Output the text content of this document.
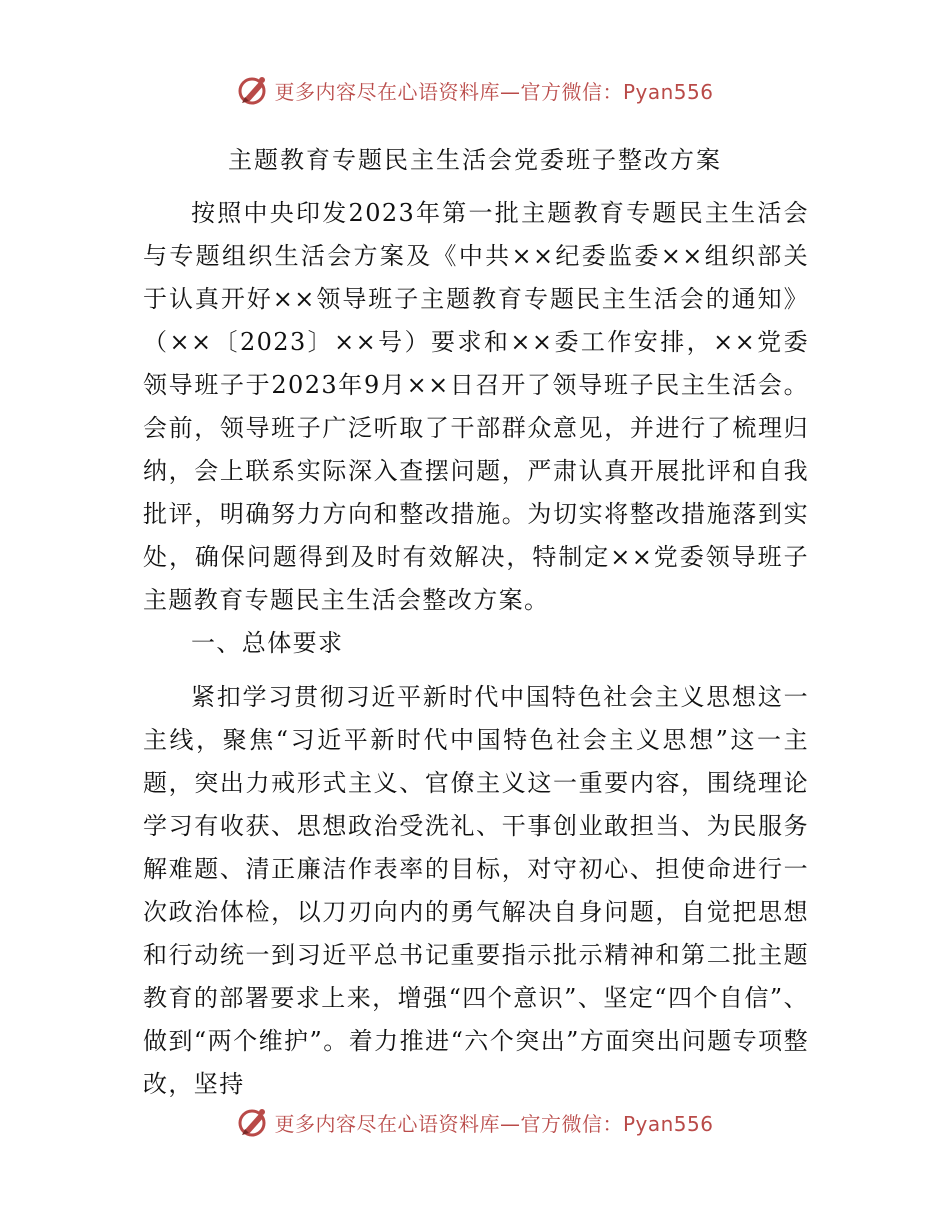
更多内容尽在心语资料库—官方微信：Pyan556
主题教育专题民主生活会党委班子整改方案

按照中央印发2023年第一批主题教育专题民主生活会与专题组织生活会方案及《中共××纪委监委××组织部关于认真开好××领导班子主题教育专题民主生活会的通知》（××〔2023〕××号）要求和××委工作安排，××党委领导班子于2023年9月××日召开了领导班子民主生活会。会前，领导班子广泛听取了干部群众意见，并进行了梳理归纳，会上联系实际深入查摆问题，严肃认真开展批评和自我批评，明确努力方向和整改措施。为切实将整改措施落到实处，确保问题得到及时有效解决，特制定××党委领导班子主题教育专题民主生活会整改方案。

一、总体要求

紧扣学习贯彻习近平新时代中国特色社会主义思想这一主线，聚焦“习近平新时代中国特色社会主义思想”这一主题，突出力戒形式主义、官僚主义这一重要内容，围绕理论学习有收获、思想政治受洗礼、干事创业敢担当、为民服务解难题、清正廉洁作表率的目标，对守初心、担使命进行一次政治体检，以刀刃向内的勇气解决自身问题，自觉把思想和行动统一到习近平总书记重要指示批示精神和第二批主题教育的部署要求上来，增强“四个意识”、坚定“四个自信”、做到“两个维护”。着力推进“六个突出”方面突出问题专项整改，坚持

更多内容尽在心语资料库—官方微信：Pyan556
